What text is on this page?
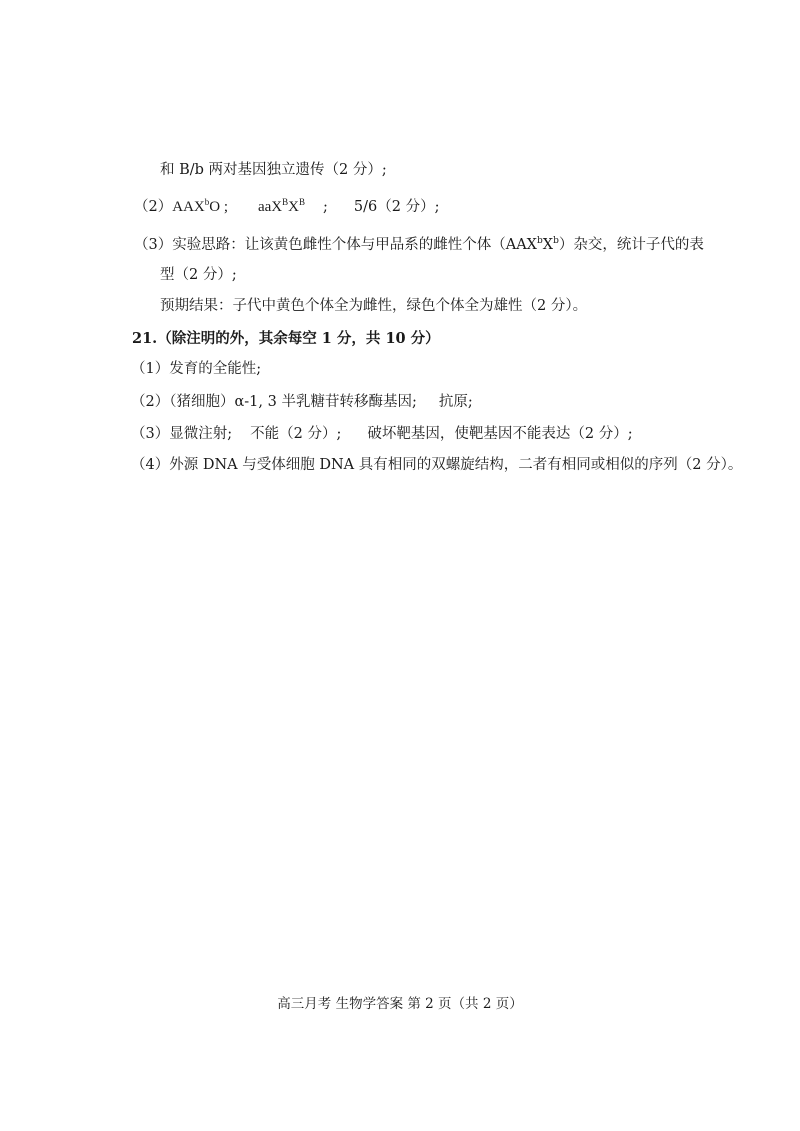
和 B/b 两对基因独立遗传（2 分）;
（2）AAX$^b$O ; $aaX^BX^B$ ; 5/6（2 分）;
（3）实验思路：让该黄色雌性个体与甲品系的雌性个体$(AAX^bX^b)$杂交，统计子代的表
型（2 分）;
预期结果：子代中黄色个体全为雌性，绿色个体全为雄性（2 分）。
21.（除注明的外，其余每空 1 分，共 10 分）
（1）发育的全能性;
（2）（猪细胞）α-1, 3 半乳糖苷转移酶基因; 抗原;
（3）显微注射; 不能（2 分）; 破坏靶基因，使靶基因不能表达（2 分）;
（4）外源 DNA 与受体细胞 DNA 具有相同的双螺旋结构，二者有相同或相似的序列（2 分）。
高三月考 生物学答案 第 2 页（共 2 页）
